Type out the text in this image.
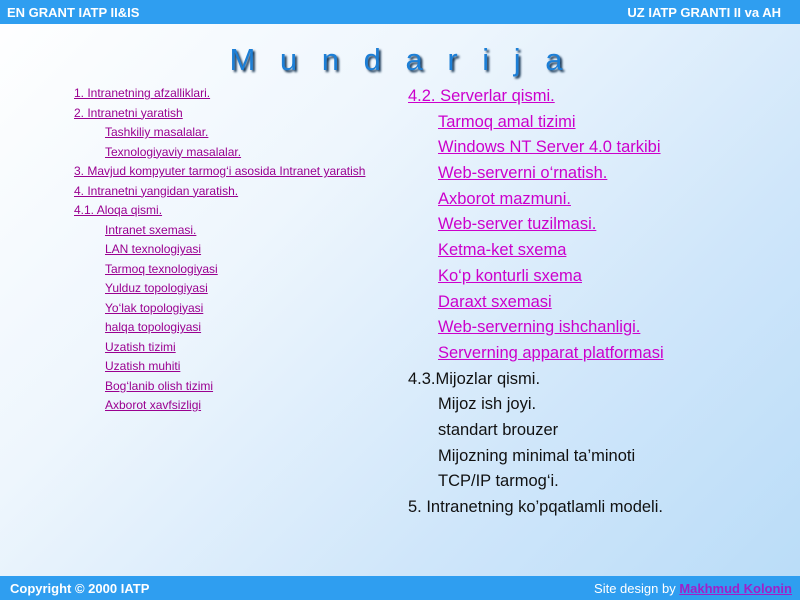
EN GRANT IATP II&IS	UZ IATP GRANTI II va AH
M u n d a r i j a
1. Intranetning afzalliklari.
2. Intranetni yaratish
Tashkiliy masalalar.
Texnologiyaviy masalalar.
3. Mavjud kompyuter tarmog‘i asosida Intranet yaratish
4. Intranetni yangidan yaratish.
4.1. Aloqa qismi.
Intranet sxemasi.
LAN texnologiyasi
Tarmoq texnologiyasi
Yulduz topologiyasi
Yo‘lak topologiyasi
halqa topologiyasi
Uzatish tizimi
Uzatish muhiti
Bog‘lanib olish tizimi
Axborot xavfsizligi
4.2. Serverlar qismi.
Tarmoq amal tizimi
Windows NT Server 4.0 tarkibi
Web-serverni o‘rnatish.
Axborot mazmuni.
Web-server tuzilmasi.
Ketma-ket sxema
Ko‘p konturli sxema
Daraxt sxemasi
Web-serverning ishchanligi.
Serverning apparat platformasi
4.3.Mijozlar qismi.
Mijoz ish joyi.
standart brouzer
Mijozning minimal ta’minoti
TCP/IP tarmog‘i.
5. Intranetning ko’pqatlamli modeli.
Copyright © 2000 IATP	Site design by Makhmud Kolonin
